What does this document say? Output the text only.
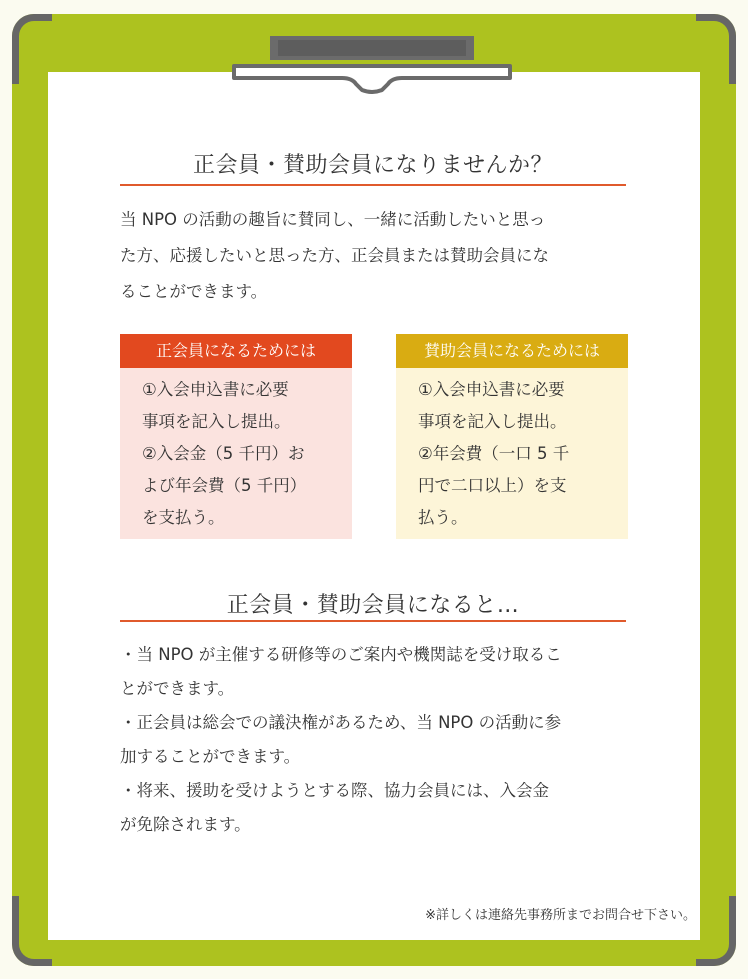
正会員・賛助会員になりませんか？
当 NPO の活動の趣旨に賛同し、一緒に活動したいと思っ
た方、応援したいと思った方、正会員または賛助会員にな
ることができます。
正会員になるためには
①入会申込書に必要
事項を記入し提出。
②入会金（5 千円）お
よび年会費（5 千円）
を支払う。
賛助会員になるためには
①入会申込書に必要
事項を記入し提出。
②年会費（一口 5 千
円で二口以上）を支
払う。
正会員・賛助会員になると…
・当 NPO が主催する研修等のご案内や機関誌を受け取るこ
とができます。
・正会員は総会での議決権があるため、当 NPO の活動に参
加することができます。
・将来、援助を受けようとする際、協力会員には、入会金
が免除されます。
※詳しくは連絡先事務所までお問合せ下さい。
